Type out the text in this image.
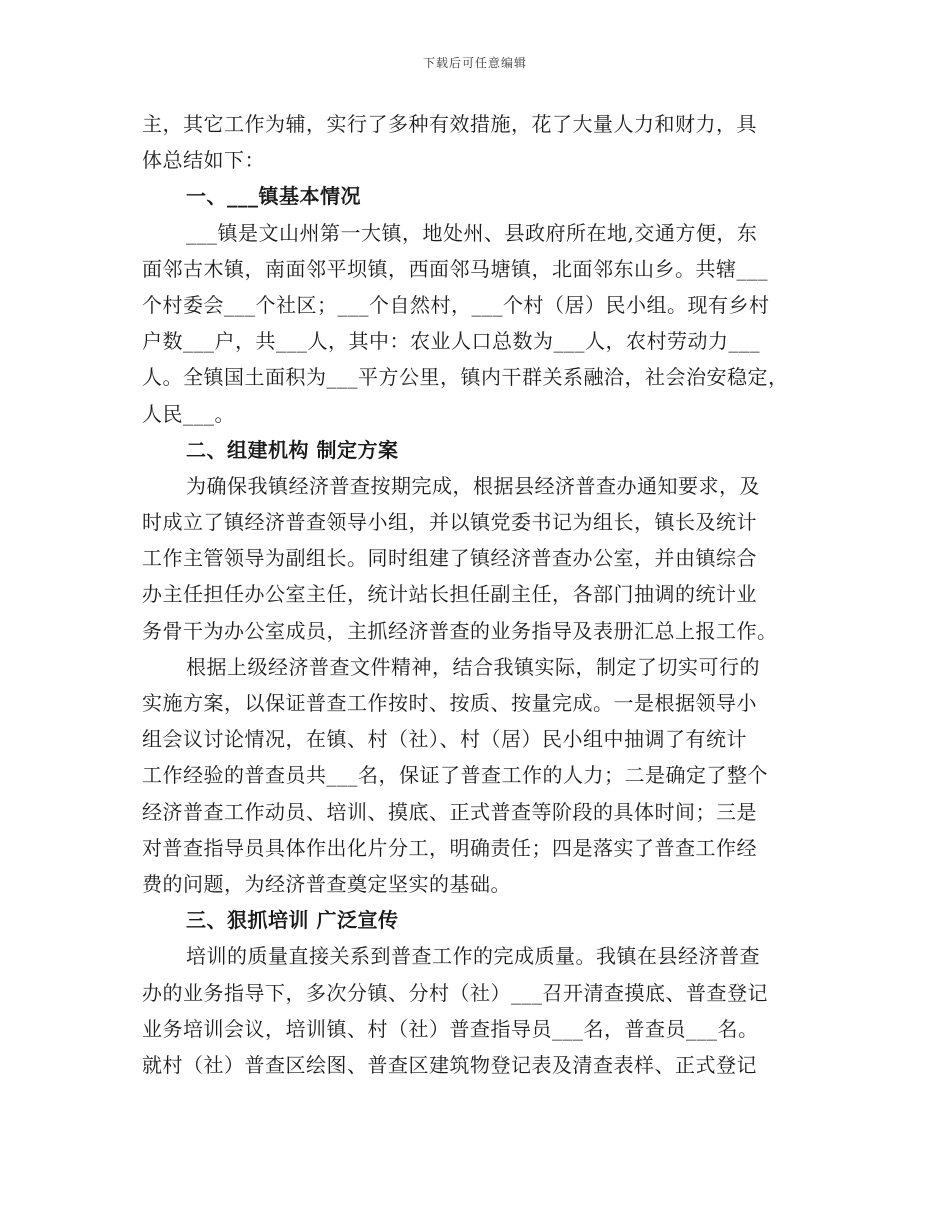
下载后可任意编辑
主，其它工作为辅，实行了多种有效措施，花了大量人力和财力，具
体总结如下：
一、___镇基本情况
___镇是文山州第一大镇，地处州、县政府所在地,交通方便，东
面邻古木镇，南面邻平坝镇，西面邻马塘镇，北面邻东山乡。共辖___
个村委会___个社区；___个自然村，___个村（居）民小组。现有乡村
户数___户，共___人，其中：农业人口总数为___人，农村劳动力___
人。全镇国土面积为___平方公里，镇内干群关系融洽，社会治安稳定，
人民___。
二、组建机构 制定方案
为确保我镇经济普查按期完成，根据县经济普查办通知要求，及
时成立了镇经济普查领导小组，并以镇党委书记为组长，镇长及统计
工作主管领导为副组长。同时组建了镇经济普查办公室，并由镇综合
办主任担任办公室主任，统计站长担任副主任，各部门抽调的统计业
务骨干为办公室成员，主抓经济普查的业务指导及表册汇总上报工作。
根据上级经济普查文件精神，结合我镇实际，制定了切实可行的
实施方案，以保证普查工作按时、按质、按量完成。一是根据领导小
组会议讨论情况，在镇、村（社）、村（居）民小组中抽调了有统计
工作经验的普查员共___名，保证了普查工作的人力；二是确定了整个
经济普查工作动员、培训、摸底、正式普查等阶段的具体时间；三是
对普查指导员具体作出化片分工，明确责任；四是落实了普查工作经
费的问题，为经济普查奠定坚实的基础。
三、狠抓培训 广泛宣传
培训的质量直接关系到普查工作的完成质量。我镇在县经济普查
办的业务指导下，多次分镇、分村（社）___召开清查摸底、普查登记
业务培训会议，培训镇、村（社）普查指导员___名，普查员___名。
就村（社）普查区绘图、普查区建筑物登记表及清查表样、正式登记
